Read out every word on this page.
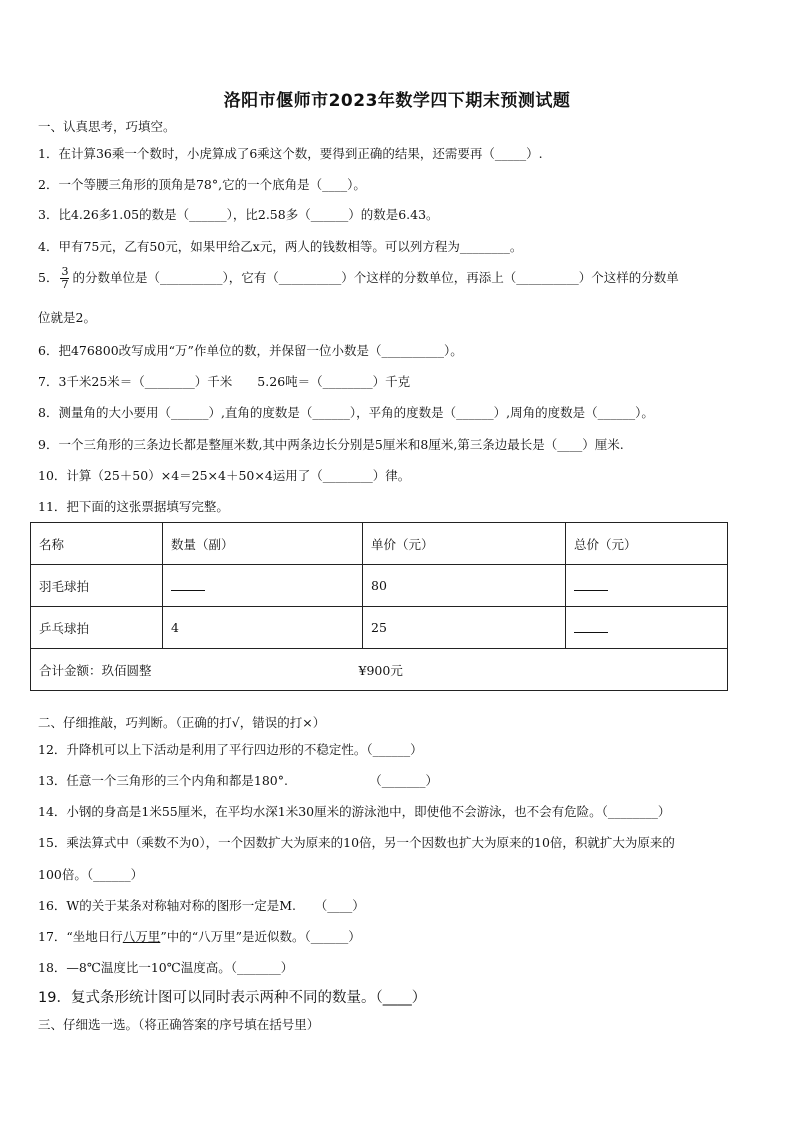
洛阳市偃师市2023年数学四下期末预测试题
一、认真思考，巧填空。
1．在计算36乘一个数时，小虎算成了6乘这个数，要得到正确的结果，还需要再（_____）.
2．一个等腰三角形的顶角是78°,它的一个底角是（____）。
3．比4.26多1.05的数是（______），比2.58多（______）的数是6.43。
4．甲有75元，乙有50元，如果甲给乙x元，两人的钱数相等。可以列方程为________。
5． $\frac{3}{7}$ 的分数单位是（__________），它有（__________）个这样的分数单位，再添上（__________）个这样的分数单
位就是2。
6．把476800改写成用“万”作单位的数，并保留一位小数是（__________）。
7．3千米25米＝（________）千米　　5.26吨＝（________）千克
8．测量角的大小要用（______）,直角的度数是（______），平角的度数是（______）,周角的度数是（______）。
9．一个三角形的三条边长都是整厘米数,其中两条边长分别是5厘米和8厘米,第三条边最长是（____）厘米.
10．计算（25＋50）×4＝25×4＋50×4运用了（________）律。
11．把下面的这张票据填写完整。
名称	数量（副）	单价（元）	总价（元）
羽毛球拍		80	
乒乓球拍	4	25	
合计金额：玖佰圆整 ¥900元			
二、仔细推敲，巧判断。（正确的打√，错误的打×）
12．升降机可以上下活动是利用了平行四边形的不稳定性。（______）
13．任意一个三角形的三个内角和都是180°.　　　　　　　（_______）
14．小钢的身高是1米55厘米，在平均水深1米30厘米的游泳池中，即使他不会游泳，也不会有危险。（________）
15．乘法算式中（乘数不为0），一个因数扩大为原来的10倍，另一个因数也扩大为原来的10倍，积就扩大为原来的
100倍。（______）
16．W的关于某条对称轴对称的图形一定是M.　　（____）
17．“坐地日行八万里”中的“八万里”是近似数。（______）
18．—8℃温度比一10℃温度高。（_______）
19．复式条形统计图可以同时表示两种不同的数量。（____）
三、仔细选一选。（将正确答案的序号填在括号里）
